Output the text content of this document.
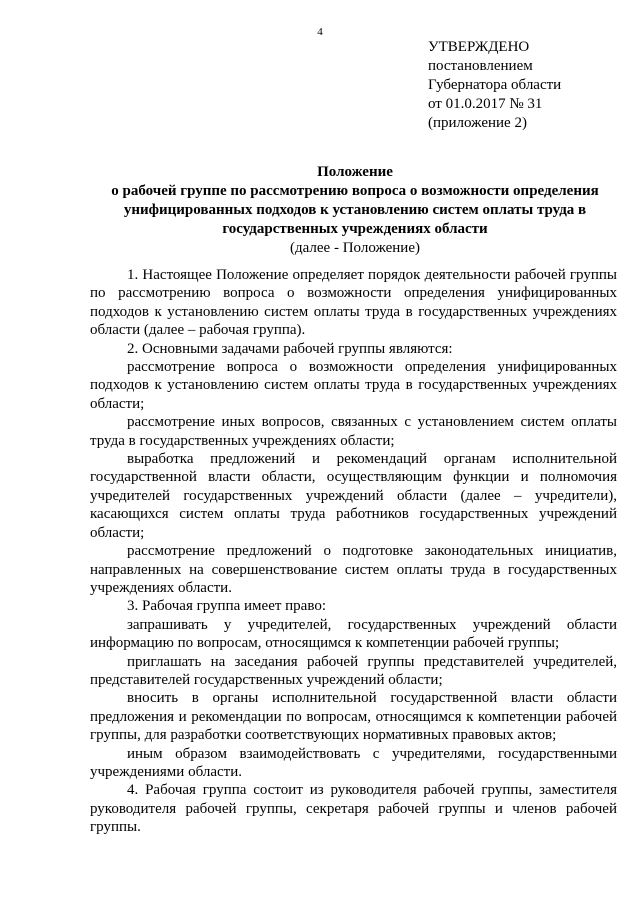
4
УТВЕРЖДЕНО
постановлением
Губернатора области
от 01.0.2017 № 31
(приложение 2)
Положение
о рабочей группе по рассмотрению вопроса о возможности определения
унифицированных подходов к установлению систем оплаты труда в
государственных учреждениях области
(далее - Положение)

1. Настоящее Положение определяет порядок деятельности рабочей группы по рассмотрению вопроса о возможности определения унифицированных подходов к установлению систем оплаты труда в государственных учреждениях области (далее – рабочая группа).

2. Основными задачами рабочей группы являются:

рассмотрение вопроса о возможности определения унифицированных подходов к установлению систем оплаты труда в государственных учреждениях области;

рассмотрение иных вопросов, связанных с установлением систем оплаты труда в государственных учреждениях области;

выработка предложений и рекомендаций органам исполнительной государственной власти области, осуществляющим функции и полномочия учредителей государственных учреждений области (далее – учредители), касающихся систем оплаты труда работников государственных учреждений области;

рассмотрение предложений о подготовке законодательных инициатив, направленных на совершенствование систем оплаты труда в государственных учреждениях области.

3. Рабочая группа имеет право:

запрашивать у учредителей, государственных учреждений области информацию по вопросам, относящимся к компетенции рабочей группы;

приглашать на заседания рабочей группы представителей учредителей, представителей государственных учреждений области;

вносить в органы исполнительной государственной власти области предложения и рекомендации по вопросам, относящимся к компетенции рабочей группы, для разработки соответствующих нормативных правовых актов;

иным образом взаимодействовать с учредителями, государственными учреждениями области.

4. Рабочая группа состоит из руководителя рабочей группы, заместителя руководителя рабочей группы, секретаря рабочей группы и членов рабочей группы.
